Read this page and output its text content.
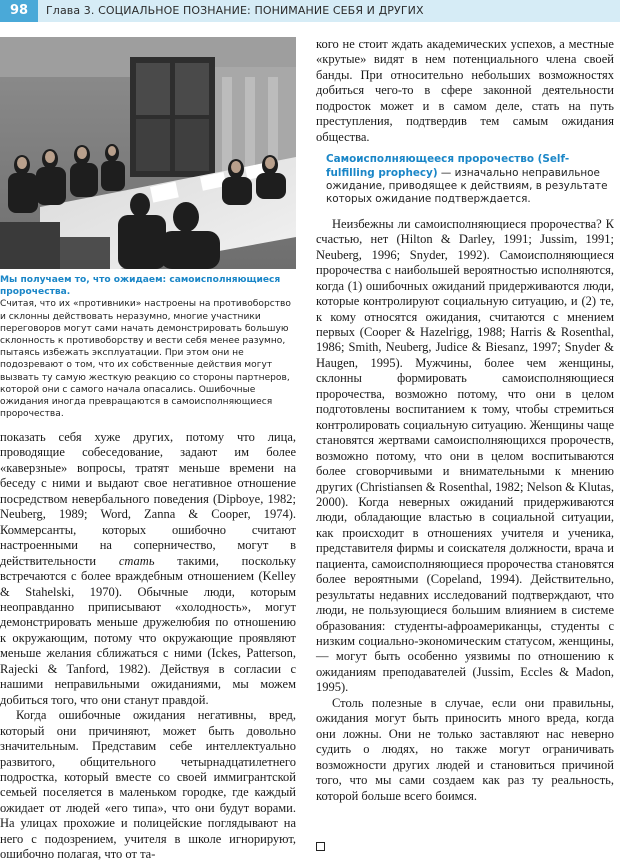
98	Глава 3. СОЦИАЛЬНОЕ ПОЗНАНИЕ: ПОНИМАНИЕ СЕБЯ И ДРУГИХ
Мы получаем то, что ожидаем: самоисполняющиеся пророчества.
Считая, что их «противники» настроены на противоборство и склонны действовать неразумно, многие участники переговоров могут сами начать демонстрировать большую склонность к противоборству и вести себя менее разумно, пытаясь избежать эксплуатации. При этом они не подозревают о том, что их собственные действия могут вызвать ту самую жесткую реакцию со стороны партнеров, которой они с самого начала опасались. Ошибочные ожидания иногда превращаются в самоисполняющиеся пророчества.

показать себя хуже других, потому что лица, проводящие собеседование, задают им более «каверзные» вопросы, тратят меньше времени на беседу с ними и выдают свое негативное отношение посредством невербального поведения (Dipboye, 1982; Neuberg, 1989; Word, Zanna & Cooper, 1974). Коммерсанты, которых ошибочно считают настроенными на соперничество, могут в действительности стать такими, поскольку встречаются с более враждебным отношением (Kelley & Stahelski, 1970). Обычные люди, которым неоправданно приписывают «холодность», могут демонстрировать меньше дружелюбия по отношению к окружающим, потому что окружающие проявляют меньше желания сближаться с ними (Ickes, Patterson, Rajecki & Tanford, 1982). Действуя в согласии с нашими неправильными ожиданиями, мы можем добиться того, что они станут правдой.

Когда ошибочные ожидания негативны, вред, который они причиняют, может быть довольно значительным. Представим себе интеллектуально развитого, общительного четырнадцатилетнего подростка, который вместе со своей иммигрантской семьей поселяется в маленьком городке, где каждый ожидает от людей «его типа», что они будут ворами. На улицах прохожие и полицейские поглядывают на него с подозрением, учителя в школе игнорируют, ошибочно полагая, что от та-

кого не стоит ждать академических успехов, а местные «крутые» видят в нем потенциального члена своей банды. При относительно небольших возможностях добиться чего-то в сфере законной деятельности подросток может и в самом деле, стать на путь преступления, подтвердив тем самым ожидания общества.

Самоисполняющееся пророчество (Self-fulfilling prophecy) — изначально неправильное ожидание, приводящее к действиям, в результате которых ожидание подтверждается.

Неизбежны ли самоисполняющиеся пророчества? К счастью, нет (Hilton & Darley, 1991; Jussim, 1991; Neuberg, 1996; Snyder, 1992). Самоисполняющиеся пророчества с наибольшей вероятностью исполняются, когда (1) ошибочных ожиданий придерживаются люди, которые контролируют социальную ситуацию, и (2) те, к кому относятся ожидания, считаются с мнением первых (Cooper & Hazelrigg, 1988; Harris & Rosenthal, 1986; Smith, Neuberg, Judice & Biesanz, 1997; Snyder & Haugen, 1995). Мужчины, более чем женщины, склонны формировать самоисполняющиеся пророчества, возможно потому, что они в целом подготовлены воспитанием к тому, чтобы стремиться контролировать социальную ситуацию. Женщины чаще становятся жертвами самоисполняющихся пророчеств, возможно потому, что они в целом воспитываются более сговорчивыми и внимательными к мнению других (Christiansen & Rosenthal, 1982; Nelson & Klutas, 2000). Когда неверных ожиданий придерживаются люди, обладающие властью в социальной ситуации, как происходит в отношениях учителя и ученика, представителя фирмы и соискателя должности, врача и пациента, самоисполняющиеся пророчества становятся более вероятными (Copeland, 1994). Действительно, результаты недавних исследований подтверждают, что люди, не пользующиеся большим влиянием в системе образования: студенты-афроамериканцы, студенты с низким социально-экономическим статусом, женщины, — могут быть особенно уязвимы по отношению к ожиданиям преподавателей (Jussim, Eccles & Madon, 1995).

Столь полезные в случае, если они правильны, ожидания могут быть приносить много вреда, когда они ложны. Они не только заставляют нас неверно судить о людях, но также могут ограничивать возможности других людей и становиться причиной того, что мы сами создаем как раз ту реальность, которой больше всего боимся.
